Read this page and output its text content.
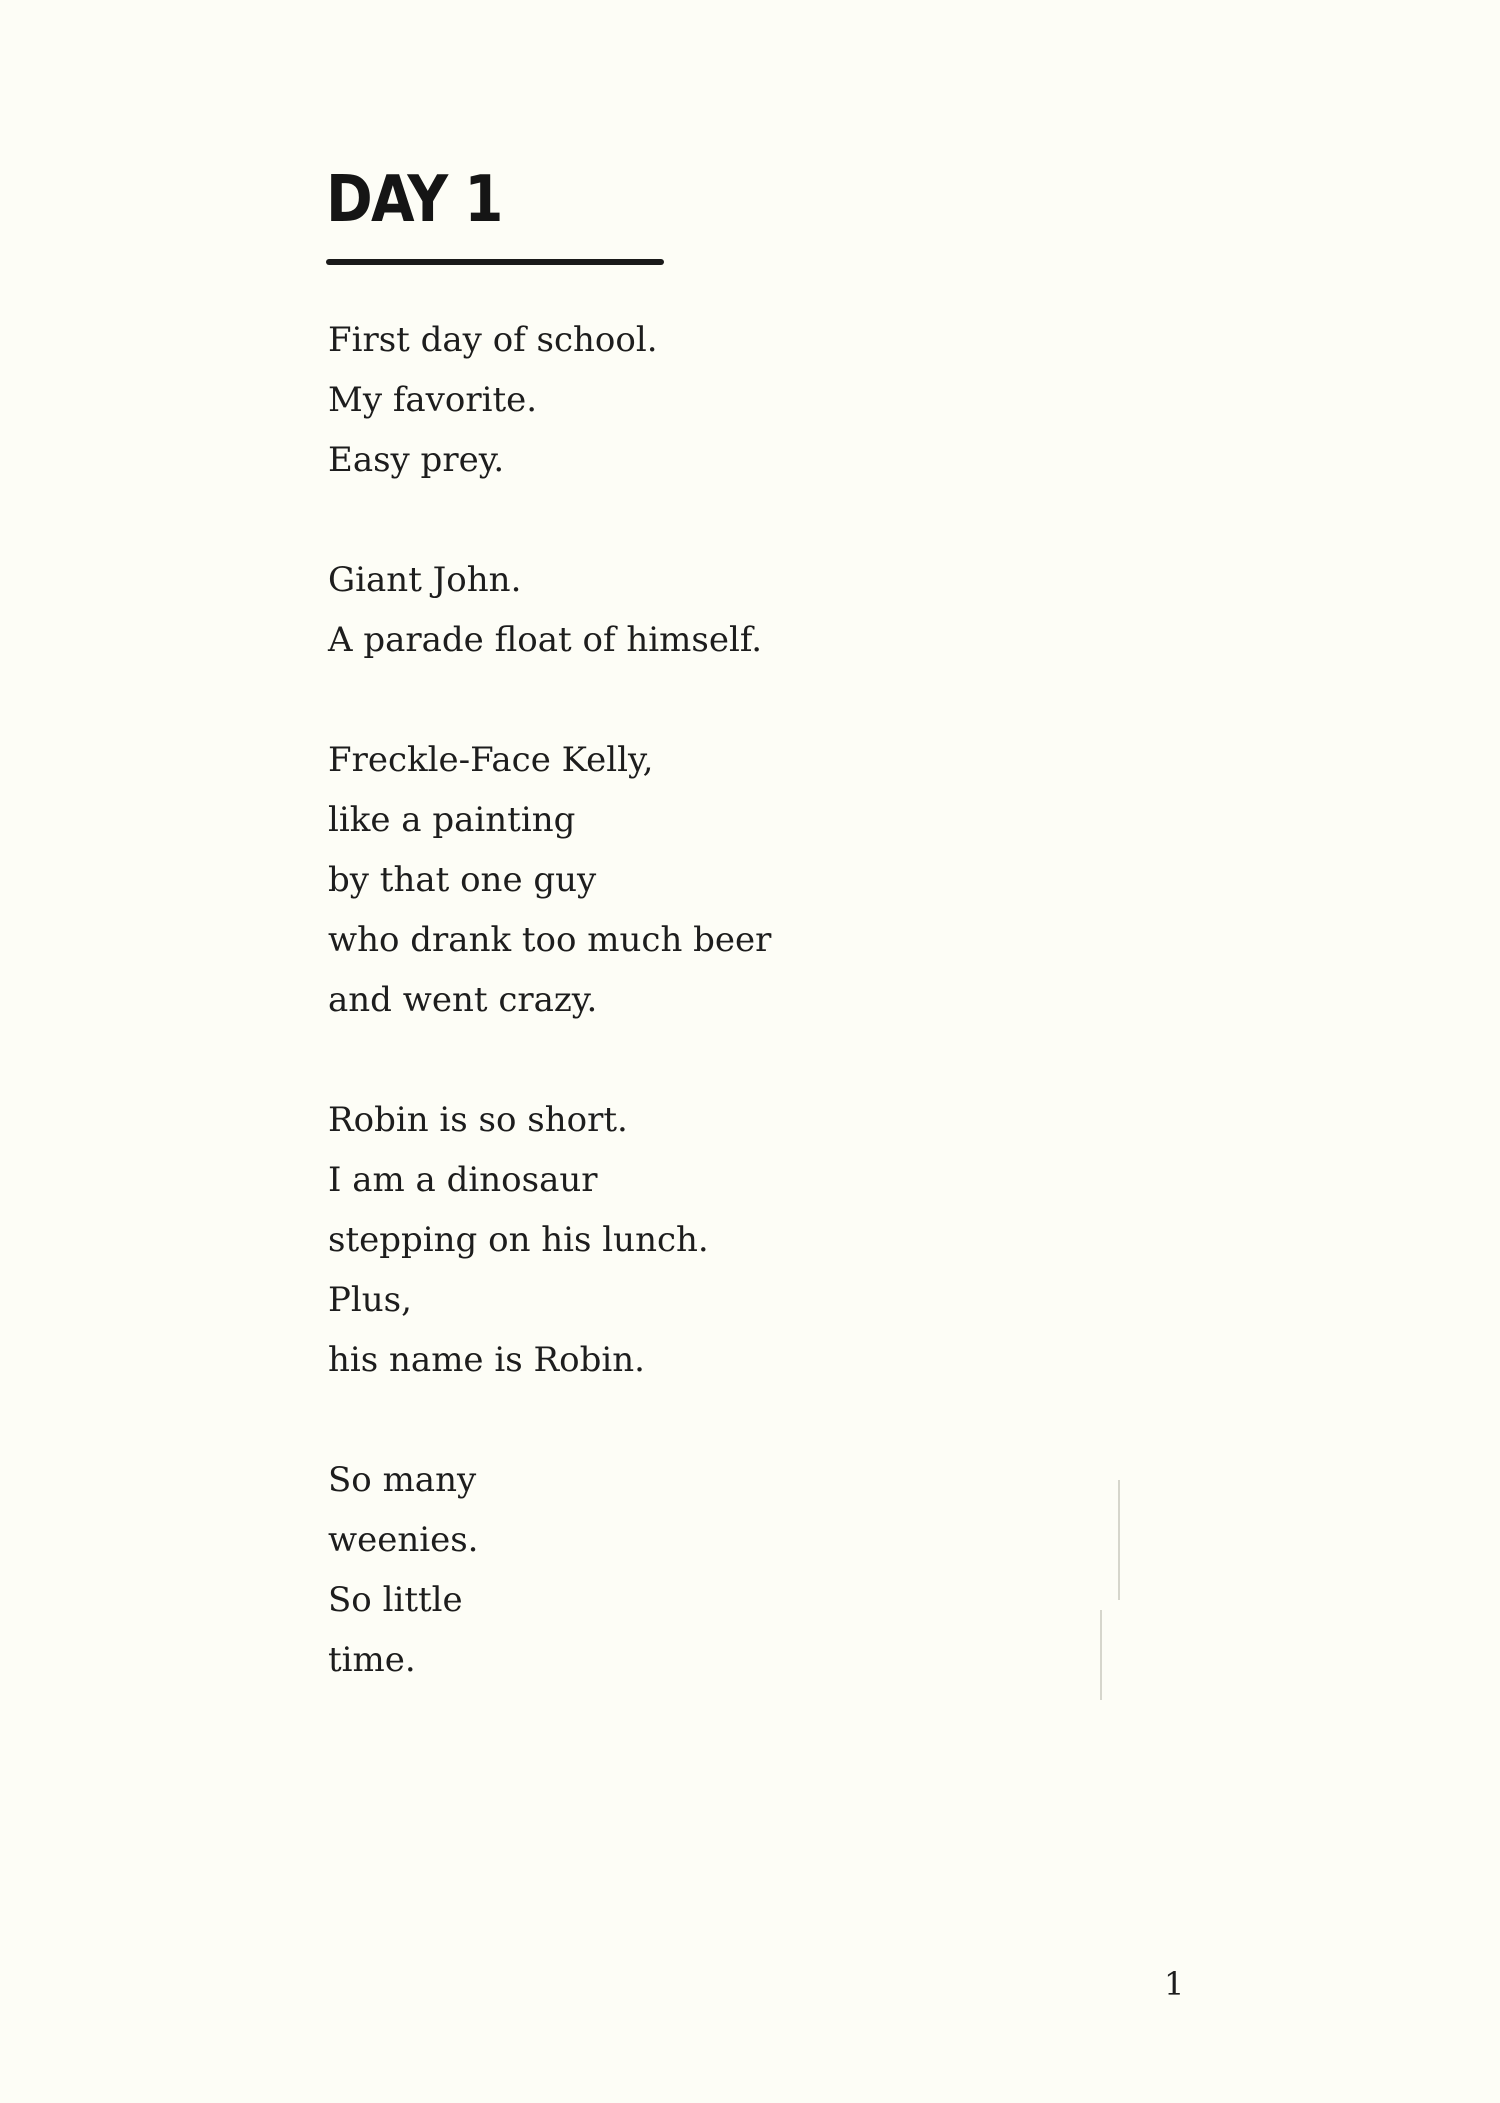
DAY 1
First day of school.
My favorite.
Easy prey.
Giant John.
A parade float of himself.
Freckle-Face Kelly,
like a painting
by that one guy
who drank too much beer
and went crazy.
Robin is so short.
I am a dinosaur
stepping on his lunch.
Plus,
his name is Robin.
So many
weenies.
So little
time.
1
